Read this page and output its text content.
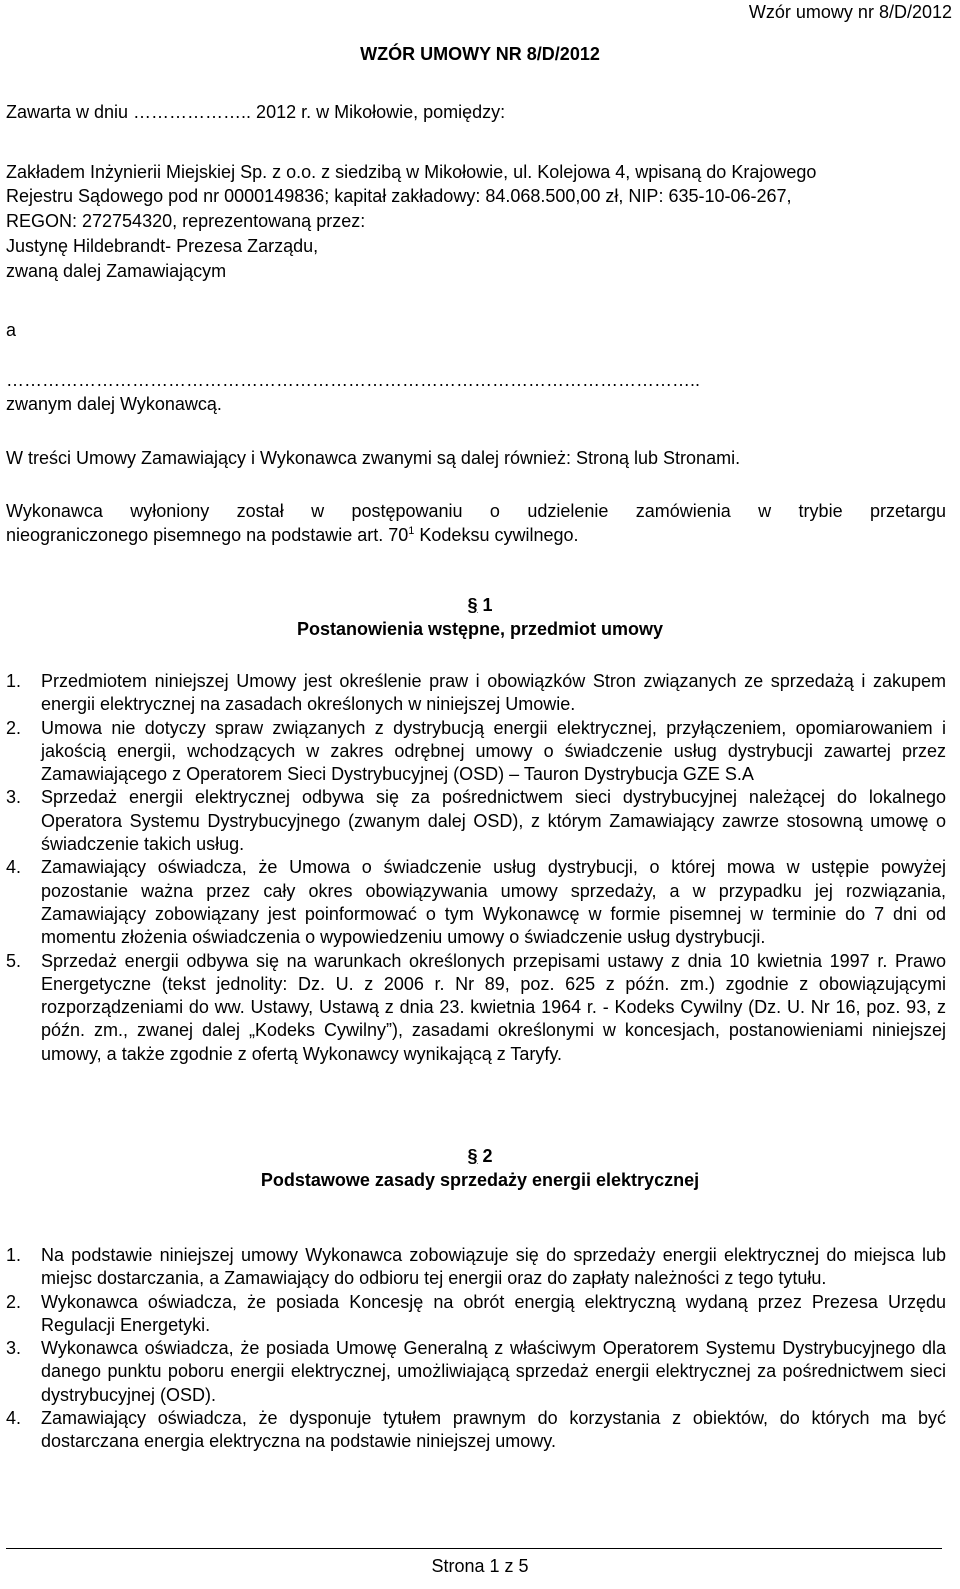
Wzór umowy nr 8/D/2012
WZÓR UMOWY NR 8/D/2012
Zawarta w dniu ……………….. 2012 r. w Mikołowie, pomiędzy:
Zakładem Inżynierii Miejskiej Sp. z o.o. z siedzibą w Mikołowie, ul. Kolejowa 4, wpisaną do Krajowego
Rejestru Sądowego pod nr 0000149836; kapitał zakładowy: 84.068.500,00 zł, NIP: 635-10-06-267,
REGON: 272754320, reprezentowaną przez:
Justynę Hildebrandt- Prezesa Zarządu,
zwaną dalej Zamawiającym
a
……………………………………………………………………………………………………..
zwanym dalej Wykonawcą.
W treści Umowy Zamawiający i Wykonawca zwanymi są dalej również: Stroną lub Stronami.
Wykonawca wyłoniony został w postępowaniu o udzielenie zamówienia w trybie przetargu
nieograniczonego pisemnego na podstawie art. $70^1$ Kodeksu cywilnego.
§ 1
Postanowienia wstępne, przedmiot umowy
1. Przedmiotem niniejszej Umowy jest określenie praw i obowiązków Stron związanych ze sprzedażą i zakupem energii elektrycznej na zasadach określonych w niniejszej Umowie.
2. Umowa nie dotyczy spraw związanych z dystrybucją energii elektrycznej, przyłączeniem, opomiarowaniem i jakością energii, wchodzących w zakres odrębnej umowy o świadczenie usług dystrybucji zawartej przez Zamawiającego z Operatorem Sieci Dystrybucyjnej (OSD) – Tauron Dystrybucja GZE S.A
3. Sprzedaż energii elektrycznej odbywa się za pośrednictwem sieci dystrybucyjnej należącej do lokalnego Operatora Systemu Dystrybucyjnego (zwanym dalej OSD), z którym Zamawiający zawrze stosowną umowę o świadczenie takich usług.
4. Zamawiający oświadcza, że Umowa o świadczenie usług dystrybucji, o której mowa w ustępie powyżej pozostanie ważna przez cały okres obowiązywania umowy sprzedaży, a w przypadku jej rozwiązania, Zamawiający zobowiązany jest poinformować o tym Wykonawcę w formie pisemnej w terminie do 7 dni od momentu złożenia oświadczenia o wypowiedzeniu umowy o świadczenie usług dystrybucji.
5. Sprzedaż energii odbywa się na warunkach określonych przepisami ustawy z dnia 10 kwietnia 1997 r. Prawo Energetyczne (tekst jednolity: Dz. U. z 2006 r. Nr 89, poz. 625 z późn. zm.) zgodnie z obowiązującymi rozporządzeniami do ww. Ustawy, Ustawą z dnia 23. kwietnia 1964 r. - Kodeks Cywilny (Dz. U. Nr 16, poz. 93, z późn. zm., zwanej dalej „Kodeks Cywilny”), zasadami określonymi w koncesjach, postanowieniami niniejszej umowy, a także zgodnie z ofertą Wykonawcy wynikającą z Taryfy.
§ 2
Podstawowe zasady sprzedaży energii elektrycznej
1. Na podstawie niniejszej umowy Wykonawca zobowiązuje się do sprzedaży energii elektrycznej do miejsca lub miejsc dostarczania, a Zamawiający do odbioru tej energii oraz do zapłaty należności z tego tytułu.
2. Wykonawca oświadcza, że posiada Koncesję na obrót energią elektryczną wydaną przez Prezesa Urzędu Regulacji Energetyki.
3. Wykonawca oświadcza, że posiada Umowę Generalną z właściwym Operatorem Systemu Dystrybucyjnego dla danego punktu poboru energii elektrycznej, umożliwiającą sprzedaż energii elektrycznej za pośrednictwem sieci dystrybucyjnej (OSD).
4. Zamawiający oświadcza, że dysponuje tytułem prawnym do korzystania z obiektów, do których ma być dostarczana energia elektryczna na podstawie niniejszej umowy.
Strona 1 z 5
